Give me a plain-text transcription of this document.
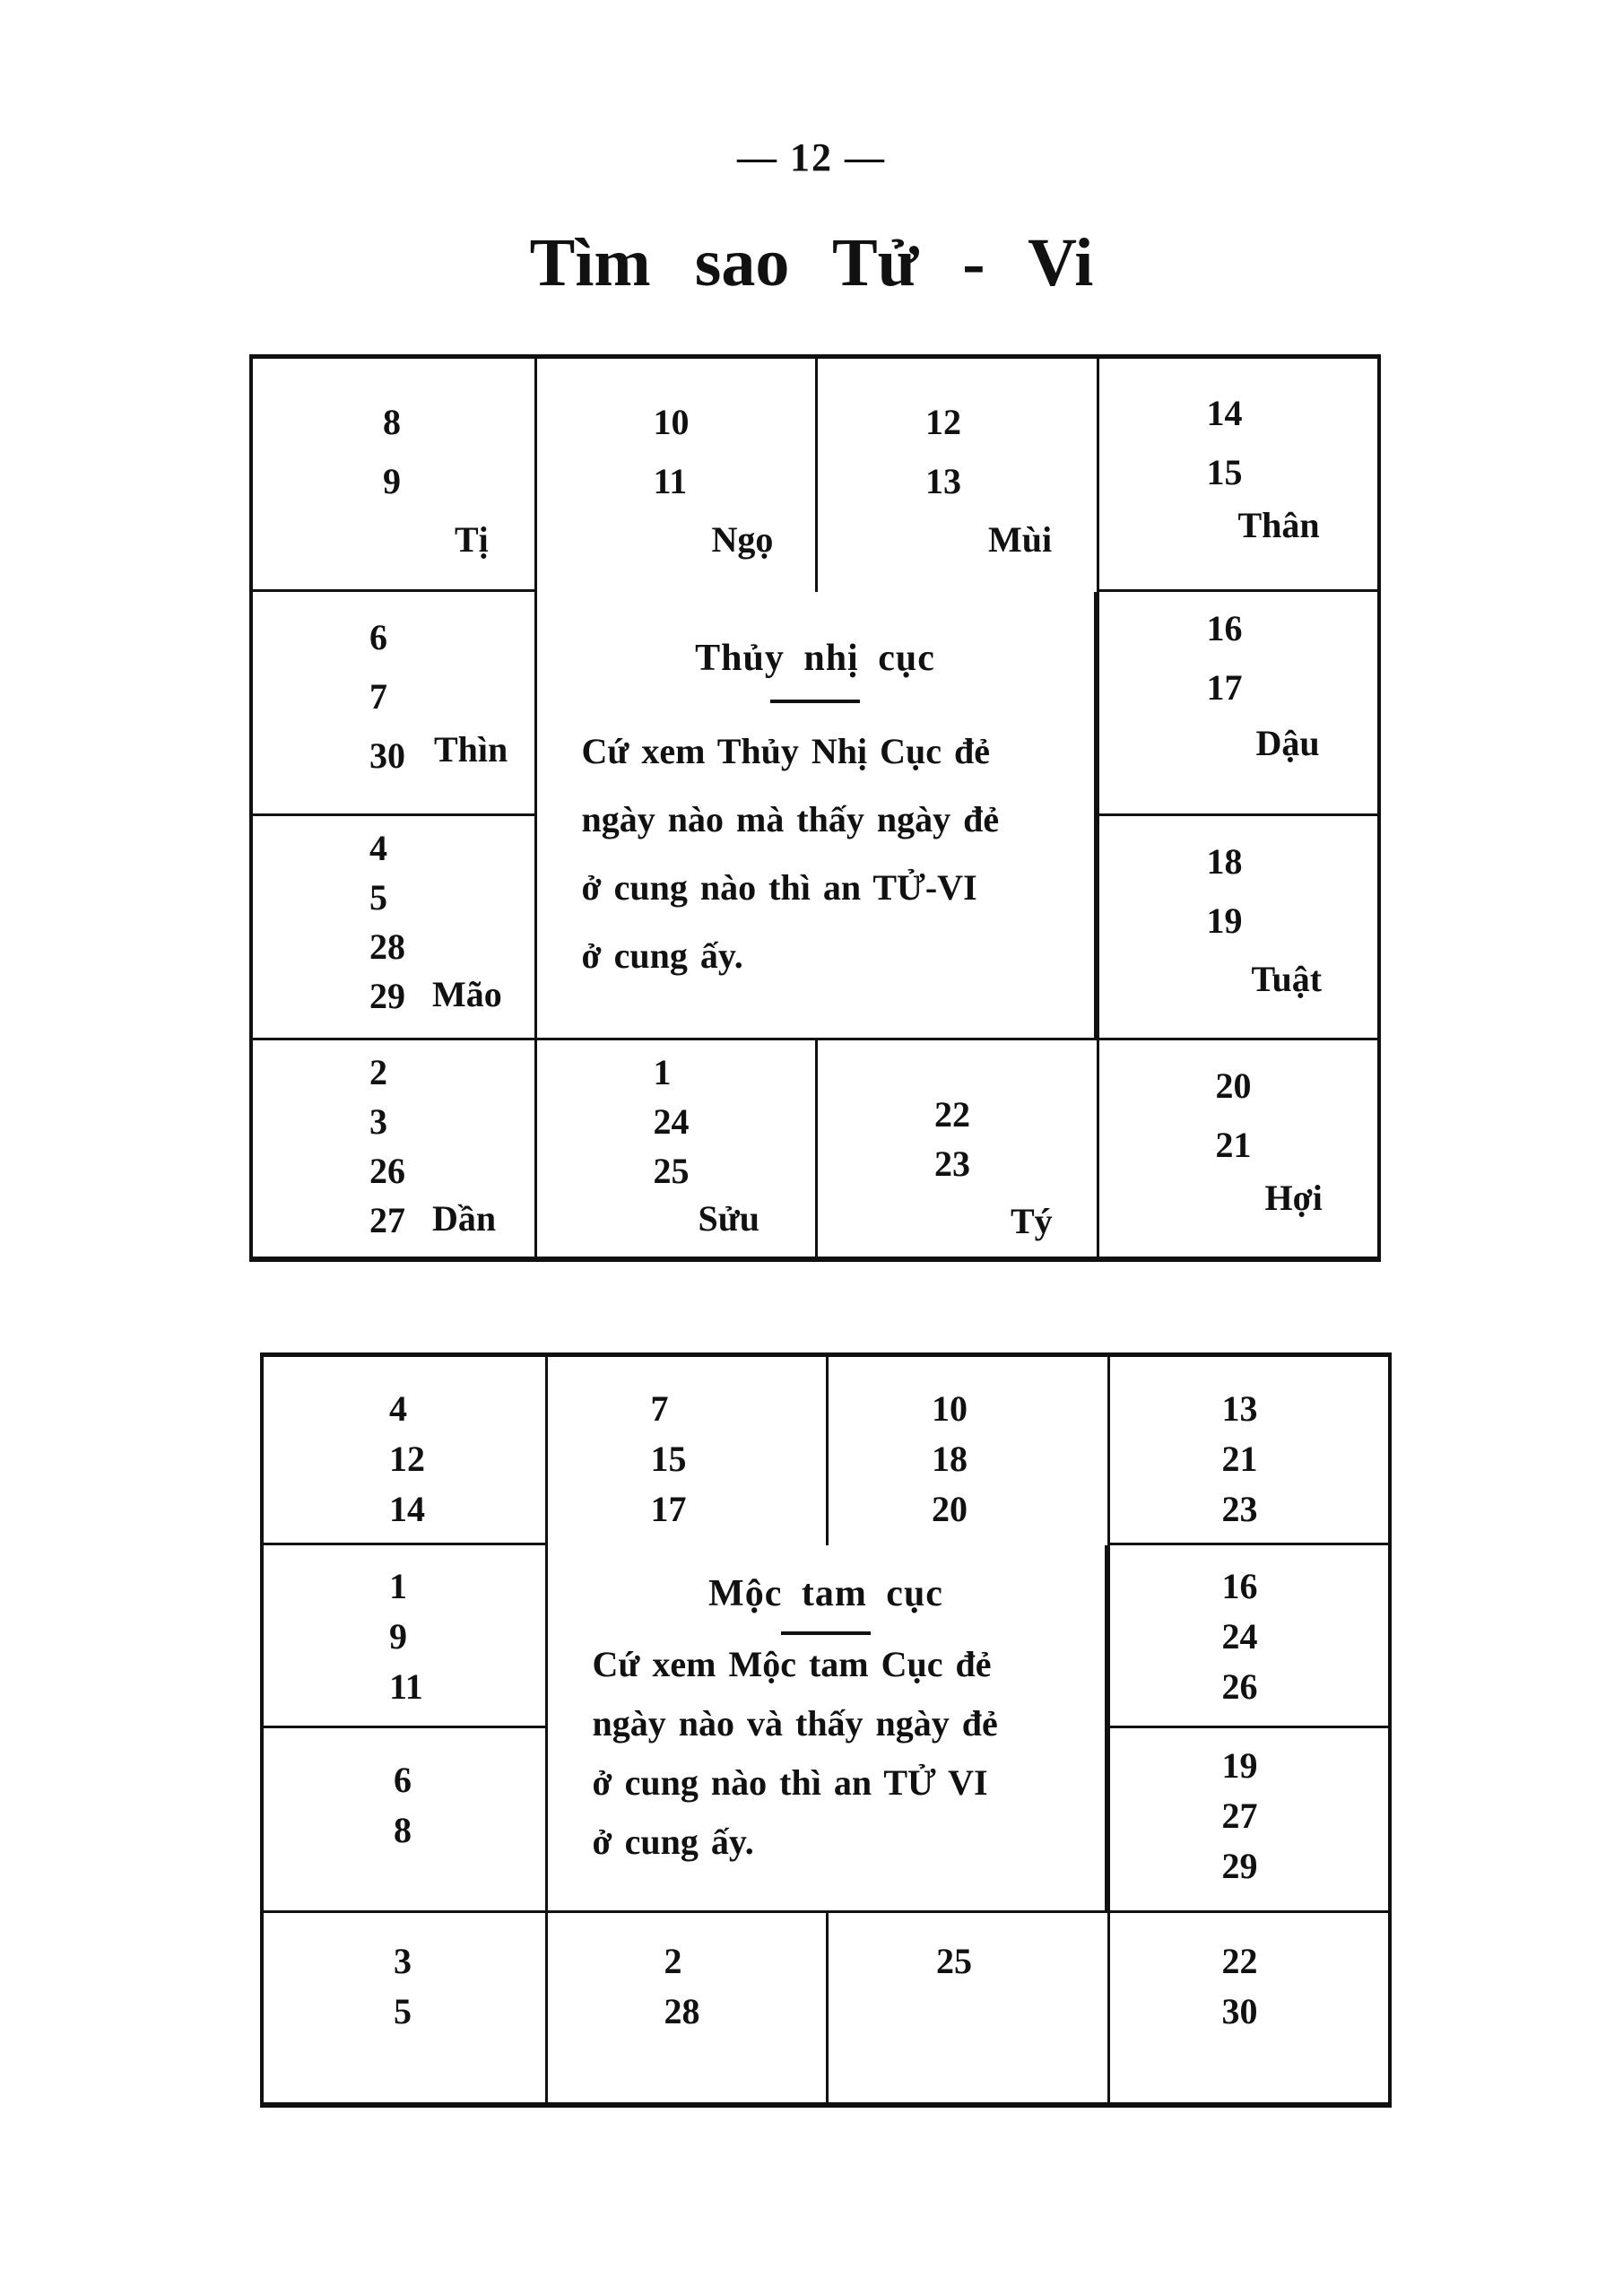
— 12 —
Tìm sao Tử - Vi
8
9
Tị
10
11
Ngọ
12
13
Mùi
14
15
Thân
6
7
30 Thìn
Thủy nhị cục
Cứ xem Thủy Nhị Cục đẻ
ngày nào mà thấy ngày đẻ
ở cung nào thì an TỬ-VI
ở cung ấy.
16
17
Dậu
4
5
28
29 Mão
18
19
Tuật
2
3
26
27 Dần
1
24
25
Sửu
22
23
Tý
20
21
Hợi
4
12
14
7
15
17
10
18
20
13
21
23
1
9
11
Mộc tam cục
Cứ xem Mộc tam Cục đẻ
ngày nào và thấy ngày đẻ
ở cung nào thì an TỬ VI
ở cung ấy.
16
24
26
6
8
19
27
29
3
5
2
28
25	22
30
